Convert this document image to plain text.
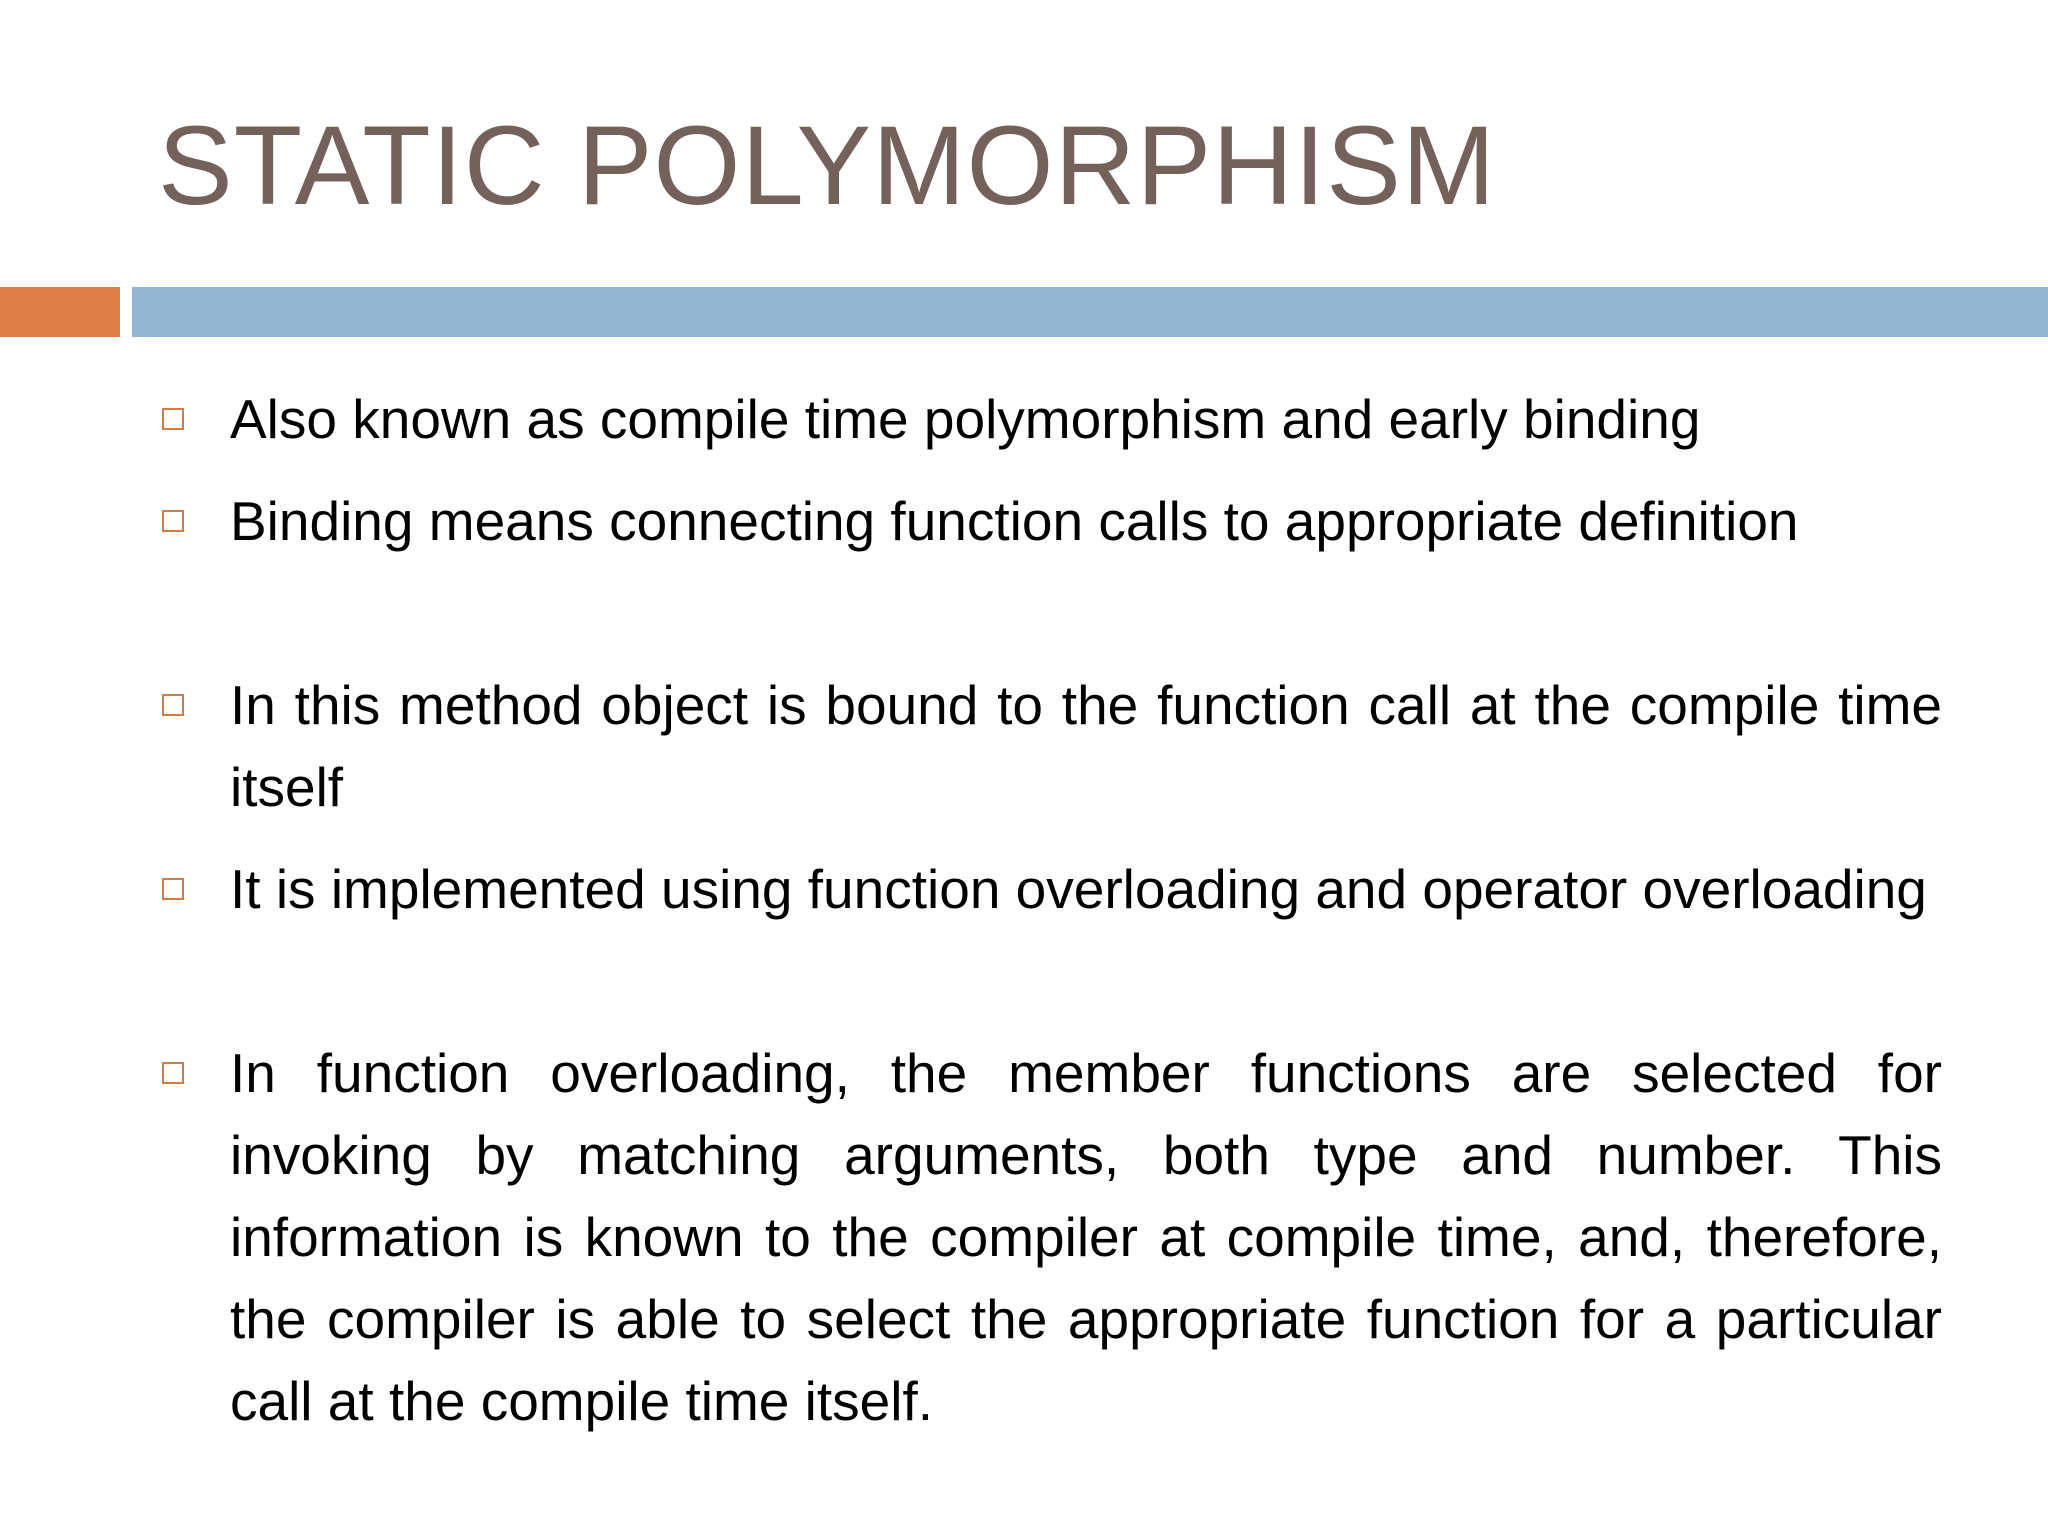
STATIC POLYMORPHISM
Also known as compile time polymorphism and early binding
Binding means connecting function calls to appropriate definition
In this method object is bound to the function call at the compile time itself
It is implemented using function overloading and operator overloading
In function overloading, the member functions are selected for invoking by matching arguments, both type and number. This information is known to the compiler at compile time, and, therefore, the compiler is able to select the appropriate function for a particular call at the compile time itself.
